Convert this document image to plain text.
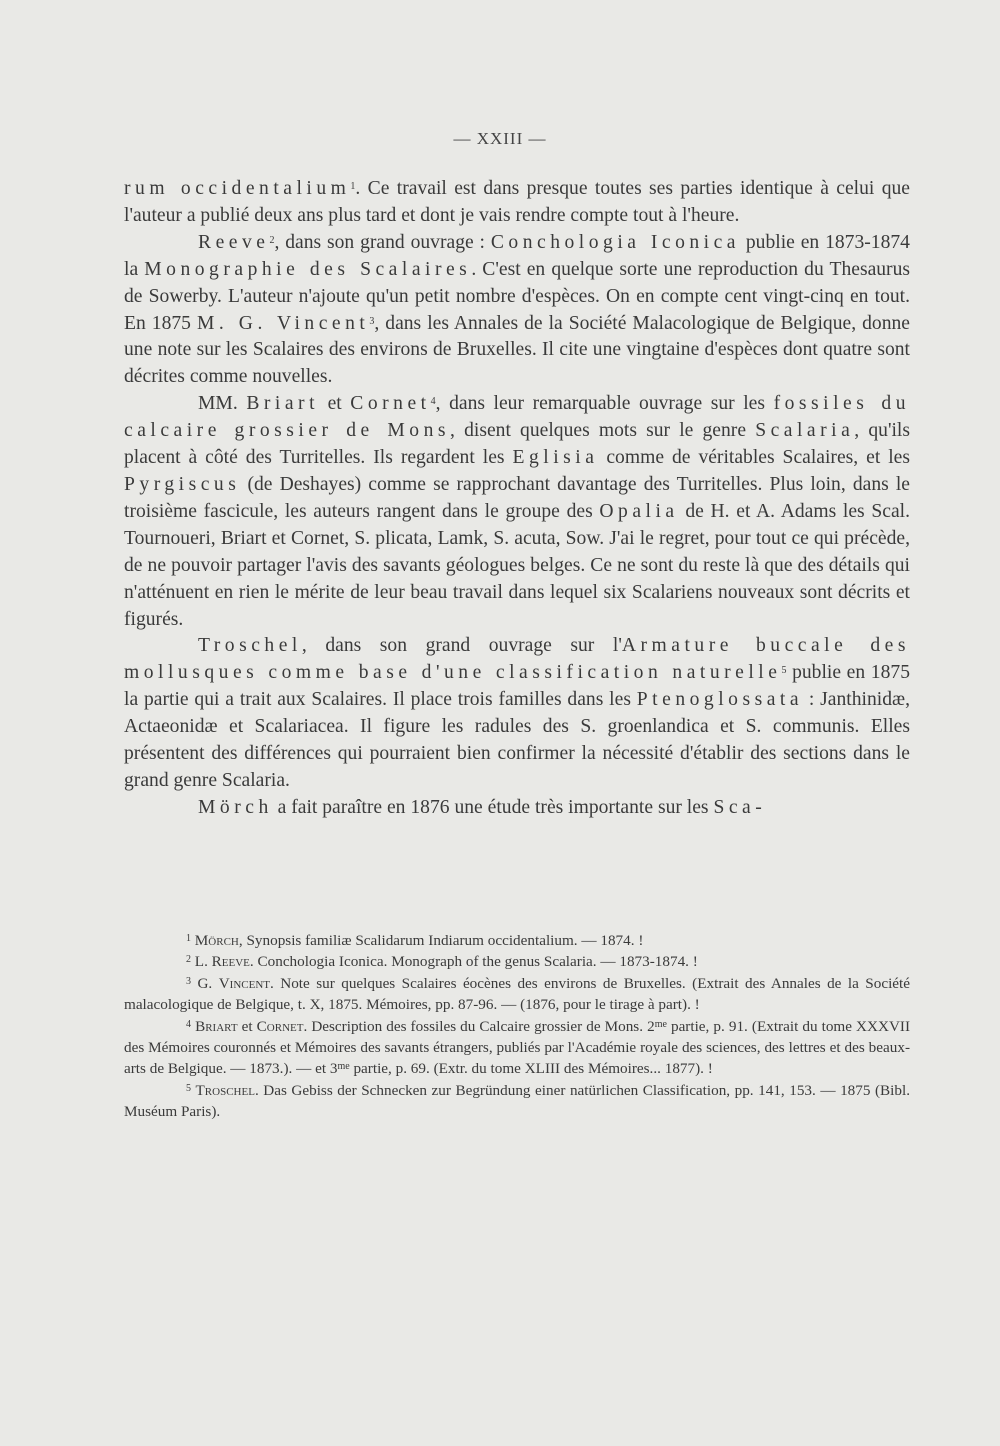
— XXIII —

rum occidentalium$^1$. Ce travail est dans presque toutes ses parties identique à celui que l'auteur a publié deux ans plus tard et dont je vais rendre compte tout à l'heure.

Reeve$^2$, dans son grand ouvrage : Conchologia Iconica publie en 1873-1874 la Monographie des Scalaires. C'est en quelque sorte une reproduction du Thesaurus de Sowerby. L'auteur n'ajoute qu'un petit nombre d'espèces. On en compte cent vingt-cinq en tout. En 1875 M. G. Vincent$^3$, dans les Annales de la Société Malacologique de Belgique, donne une note sur les Scalaires des environs de Bruxelles. Il cite une vingtaine d'espèces dont quatre sont décrites comme nouvelles.

MM. Briart et Cornet$^4$, dans leur remarquable ouvrage sur les fossiles du calcaire grossier de Mons, disent quelques mots sur le genre Scalaria, qu'ils placent à côté des Turritelles. Ils regardent les Eglisia comme de véritables Scalaires, et les Pyrgiscus (de Deshayes) comme se rapprochant davantage des Turritelles. Plus loin, dans le troisième fascicule, les auteurs rangent dans le groupe des Opalia de H. et A. Adams les Scal. Tournoueri, Briart et Cornet, S. plicata, Lamk, S. acuta, Sow. J'ai le regret, pour tout ce qui précède, de ne pouvoir partager l'avis des savants géologues belges. Ce ne sont du reste là que des détails qui n'atténuent en rien le mérite de leur beau travail dans lequel six Scalariens nouveaux sont décrits et figurés.

Troschel, dans son grand ouvrage sur l'Armature buccale des mollusques comme base d'une classification naturelle$^5$ publie en 1875 la partie qui a trait aux Scalaires. Il place trois familles dans les Ptenoglossata : Janthinidæ, Actaeonidæ et Scalariacea. Il figure les radules des S. groenlandica et S. communis. Elles présentent des différences qui pourraient bien confirmer la nécessité d'établir des sections dans le grand genre Scalaria.

Mörch a fait paraître en 1876 une étude très importante sur les Sca-

$^1$ Mörch, Synopsis familiæ Scalidarum Indiarum occidentalium. — 1874. !

$^2$ L. Reeve. Conchologia Iconica. Monograph of the genus Scalaria. — 1873-1874. !

$^3$ G. Vincent. Note sur quelques Scalaires éocènes des environs de Bruxelles. (Extrait des Annales de la Société malacologique de Belgique, t. X, 1875. Mémoires, pp. 87-96. — (1876, pour le tirage à part). !

$^4$ Briart et Cornet. Description des fossiles du Calcaire grossier de Mons. $2^{me}$ partie, p. 91. (Extrait du tome XXXVII des Mémoires couronnés et Mémoires des savants étrangers, publiés par l'Académie royale des sciences, des lettres et des beaux-arts de Belgique. — 1873.). — et $3^{me}$ partie, p. 69. (Extr. du tome XLIII des Mémoires... 1877). !

$^5$ Troschel. Das Gebiss der Schnecken zur Begründung einer natürlichen Classification, pp. 141, 153. — 1875 (Bibl. Muséum Paris).
